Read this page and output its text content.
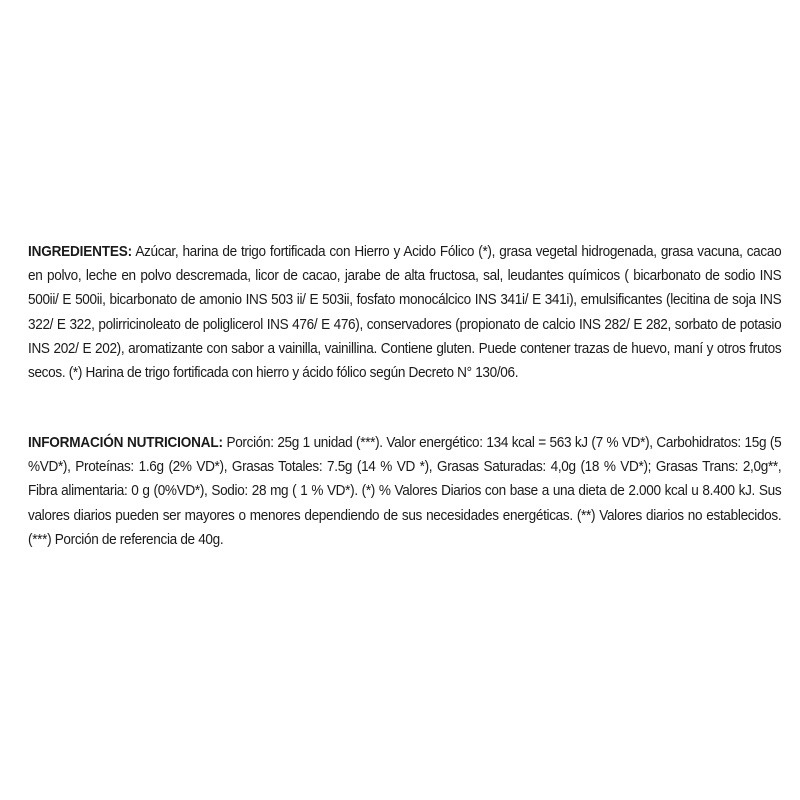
INGREDIENTES: Azúcar, harina de trigo fortificada con Hierro y Acido Fólico (*), grasa vegetal hidrogenada, grasa vacuna, cacao en polvo, leche en polvo descremada, licor de cacao, jarabe de alta fructosa, sal, leudantes químicos ( bicarbonato de sodio INS 500ii/ E 500ii, bicarbonato de amonio INS 503 ii/ E 503ii, fosfato monocálcico INS 341i/ E 341i), emulsificantes (lecitina de soja INS 322/ E 322, polirricinoleato de poliglicerol INS 476/ E 476), conservadores (propionato de calcio INS 282/ E 282, sorbato de potasio INS 202/ E 202), aromatizante con sabor a vainilla, vainillina. Contiene gluten. Puede contener trazas de huevo, maní y otros frutos secos. (*) Harina de trigo fortificada con hierro y ácido fólico según Decreto N° 130/06.
INFORMACIÓN NUTRICIONAL: Porción: 25g 1 unidad (***). Valor energético: 134 kcal = 563 kJ (7 % VD*), Carbohidratos: 15g (5 %VD*), Proteínas: 1.6g (2% VD*), Grasas Totales: 7.5g (14 % VD *), Grasas Saturadas: 4,0g (18 % VD*); Grasas Trans: 2,0g**, Fibra alimentaria: 0 g (0%VD*), Sodio: 28 mg ( 1 % VD*). (*) % Valores Diarios con base a una dieta de 2.000 kcal u 8.400 kJ. Sus valores diarios pueden ser mayores o menores dependiendo de sus necesidades energéticas. (**) Valores diarios no establecidos. (***) Porción de referencia de 40g.
